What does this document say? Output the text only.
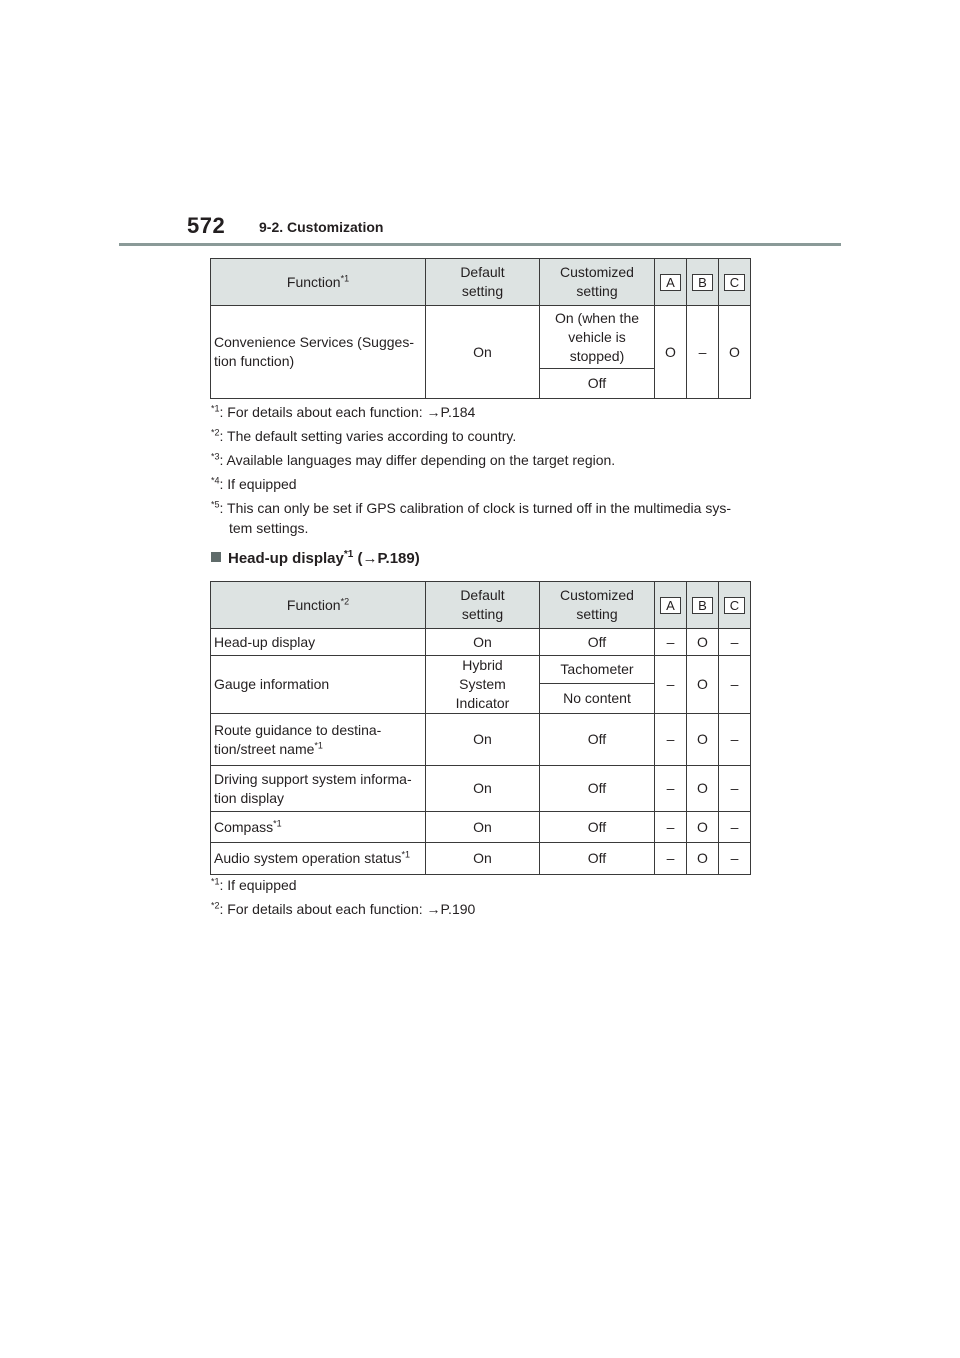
572 9-2. Customization
Function$^{*1}$	Default setting	Customized setting	A	B	C
Convenience Services (Sugges-tion function)	On	On (when the vehicle is stopped)	O	–	O
		Off			
$^{*1}$: For details about each function: →P.184
$^{*2}$: The default setting varies according to country.
$^{*3}$: Available languages may differ depending on the target region.
$^{*4}$: If equipped
$^{*5}$: This can only be set if GPS calibration of clock is turned off in the multimedia sys-
tem settings.
Head-up display$^{*1}$ (→P.189)
Function$^{*2}$	Default setting	Customized setting	A	B	C
Head-up display	On	Off	–	O	–
Gauge information	Hybrid System Indicator	Tachometer	–	O	–
		No content			
Route guidance to destina-
tion/street name$^{*1}$	On	Off	–	O	–
Driving support system informa-
tion display	On	Off	–	O	–
Compass$^{*1}$	On	Off	–	O	–
Audio system operation status$^{*1}$	On	Off	–	O	–
$^{*1}$: If equipped
$^{*2}$: For details about each function: →P.190
